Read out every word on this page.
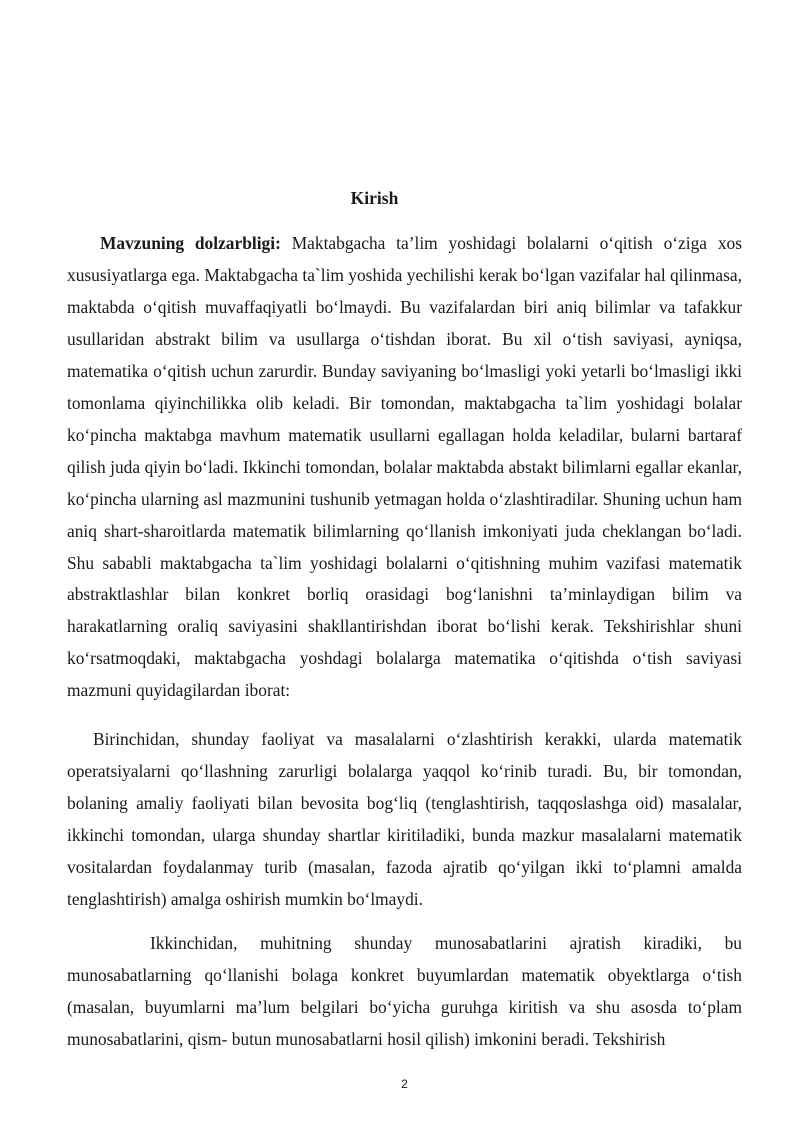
Kirish

Mavzuning dolzarbligi: Maktabgacha ta’lim yoshidagi bolalarni o‘qitish o‘ziga xos xususiyatlarga ega. Maktabgacha ta`lim yoshida yechilishi kerak bo‘lgan vazifalar hal qilinmasa, maktabda o‘qitish muvaffaqiyatli bo‘lmaydi. Bu vazifalardan biri aniq bilimlar va tafakkur usullaridan abstrakt bilim va usullarga o‘tishdan iborat. Bu xil o‘tish saviyasi, ayniqsa, matematika o‘qitish uchun zarurdir. Bunday saviyaning bo‘lmasligi yoki yetarli bo‘lmasligi ikki tomonlama qiyinchilikka olib keladi. Bir tomondan, maktabgacha ta`lim yoshidagi bolalar ko‘pincha maktabga mavhum matematik usullarni egallagan holda keladilar, bularni bartaraf qilish juda qiyin bo‘ladi. Ikkinchi tomondan, bolalar maktabda abstakt bilimlarni egallar ekanlar, ko‘pincha ularning asl mazmunini tushunib yetmagan holda o‘zlashtiradilar. Shuning uchun ham aniq shart-sharoitlarda matematik bilimlarning qo‘llanish imkoniyati juda cheklangan bo‘ladi. Shu sababli maktabgacha ta`lim yoshidagi bolalarni o‘qitishning muhim vazifasi matematik abstraktlashlar bilan konkret borliq orasidagi bog‘lanishni ta’minlaydigan bilim va harakatlarning oraliq saviyasini shakllantirishdan iborat bo‘lishi kerak. Tekshirishlar shuni ko‘rsatmoqdaki, maktabgacha yoshdagi bolalarga matematika o‘qitishda o‘tish saviyasi mazmuni quyidagilardan iborat:

Birinchidan, shunday faoliyat va masalalarni o‘zlashtirish kerakki, ularda matematik operatsiyalarni qo‘llashning zarurligi bolalarga yaqqol ko‘rinib turadi. Bu, bir tomondan, bolaning amaliy faoliyati bilan bevosita bog‘liq (tenglashtirish, taqqoslashga oid) masalalar, ikkinchi tomondan, ularga shunday shartlar kiritiladiki, bunda mazkur masalalarni matematik vositalardan foydalanmay turib (masalan, fazoda ajratib qo‘yilgan ikki to‘plamni amalda tenglashtirish) amalga oshirish mumkin bo‘lmaydi.

Ikkinchidan, muhitning shunday munosabatlarini ajratish kiradiki, bu munosabatlarning qo‘llanishi bolaga konkret buyumlardan matematik obyektlarga o‘tish (masalan, buyumlarni ma’lum belgilari bo‘yicha guruhga kiritish va shu asosda to‘plam munosabatlarini, qism- butun munosabatlarni hosil qilish) imkonini beradi. Tekshirish

2
